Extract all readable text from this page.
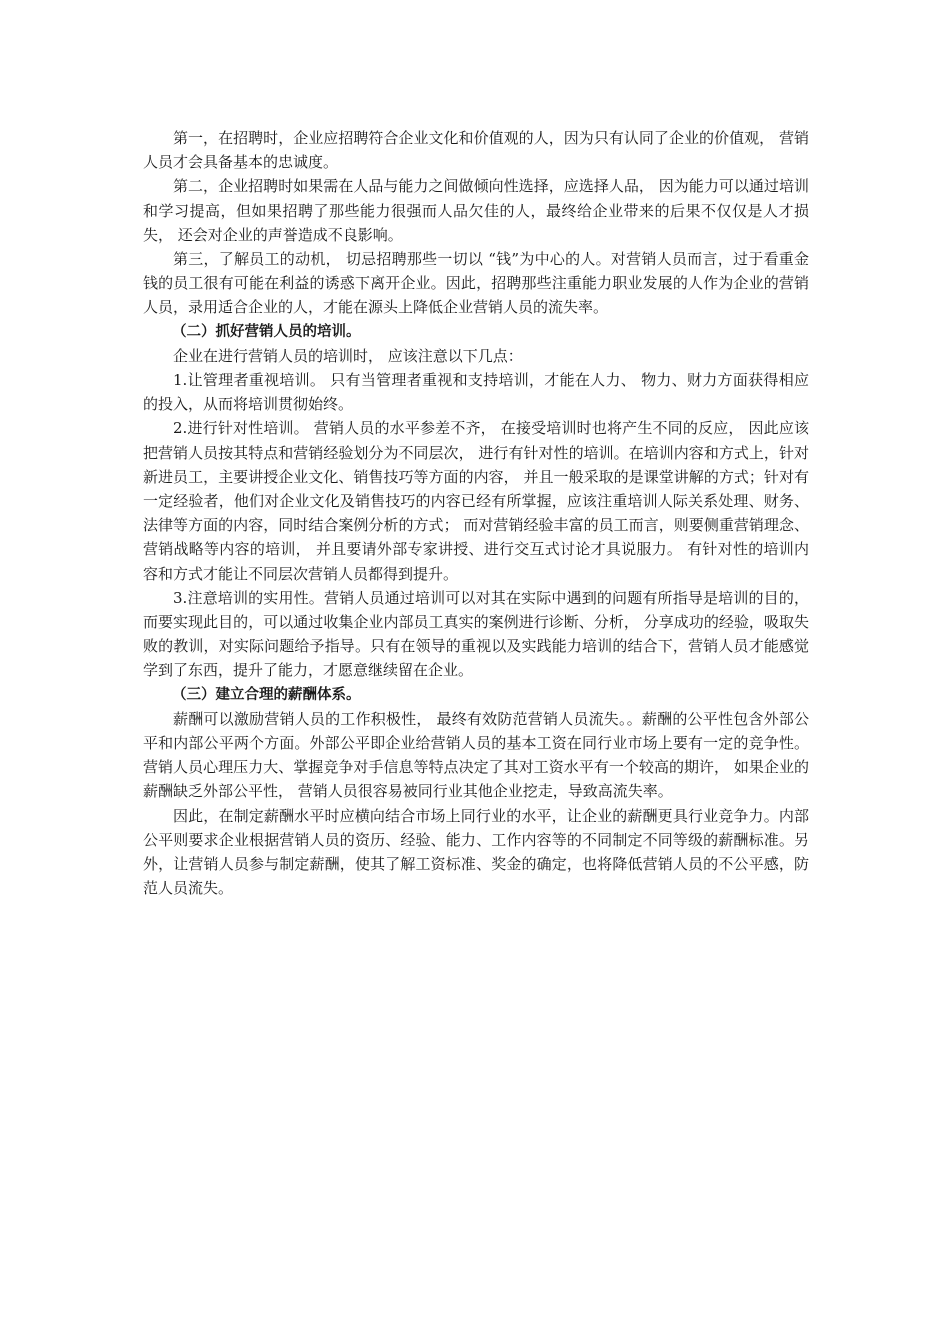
第一，在招聘时，企业应招聘符合企业文化和价值观的人，因为只有认同了企业的价值观， 营销人员才会具备基本的忠诚度。

第二，企业招聘时如果需在人品与能力之间做倾向性选择，应选择人品， 因为能力可以通过培训和学习提高，但如果招聘了那些能力很强而人品欠佳的人，最终给企业带来的后果不仅仅是人才损失， 还会对企业的声誉造成不良影响。

第三，了解员工的动机， 切忌招聘那些一切以 “钱”为中心的人。对营销人员而言，过于看重金钱的员工很有可能在利益的诱惑下离开企业。因此，招聘那些注重能力职业发展的人作为企业的营销人员，录用适合企业的人，才能在源头上降低企业营销人员的流失率。

（二）抓好营销人员的培训。

企业在进行营销人员的培训时， 应该注意以下几点：

1.让管理者重视培训。 只有当管理者重视和支持培训，才能在人力、 物力、财力方面获得相应的投入，从而将培训贯彻始终。

2.进行针对性培训。 营销人员的水平参差不齐， 在接受培训时也将产生不同的反应， 因此应该把营销人员按其特点和营销经验划分为不同层次， 进行有针对性的培训。在培训内容和方式上，针对新进员工，主要讲授企业文化、销售技巧等方面的内容， 并且一般采取的是课堂讲解的方式；针对有一定经验者，他们对企业文化及销售技巧的内容已经有所掌握，应该注重培训人际关系处理、财务、法律等方面的内容，同时结合案例分析的方式； 而对营销经验丰富的员工而言，则要侧重营销理念、营销战略等内容的培训， 并且要请外部专家讲授、进行交互式讨论才具说服力。 有针对性的培训内容和方式才能让不同层次营销人员都得到提升。

3.注意培训的实用性。营销人员通过培训可以对其在实际中遇到的问题有所指导是培训的目的， 而要实现此目的，可以通过收集企业内部员工真实的案例进行诊断、分析， 分享成功的经验，吸取失败的教训，对实际问题给予指导。只有在领导的重视以及实践能力培训的结合下，营销人员才能感觉学到了东西，提升了能力，才愿意继续留在企业。

（三）建立合理的薪酬体系。

薪酬可以激励营销人员的工作积极性， 最终有效防范营销人员流失。。薪酬的公平性包含外部公平和内部公平两个方面。外部公平即企业给营销人员的基本工资在同行业市场上要有一定的竞争性。营销人员心理压力大、掌握竞争对手信息等特点决定了其对工资水平有一个较高的期许， 如果企业的薪酬缺乏外部公平性， 营销人员很容易被同行业其他企业挖走，导致高流失率。

因此，在制定薪酬水平时应横向结合市场上同行业的水平，让企业的薪酬更具行业竞争力。内部公平则要求企业根据营销人员的资历、经验、能力、工作内容等的不同制定不同等级的薪酬标准。另外，让营销人员参与制定薪酬，使其了解工资标准、奖金的确定，也将降低营销人员的不公平感，防范人员流失。
